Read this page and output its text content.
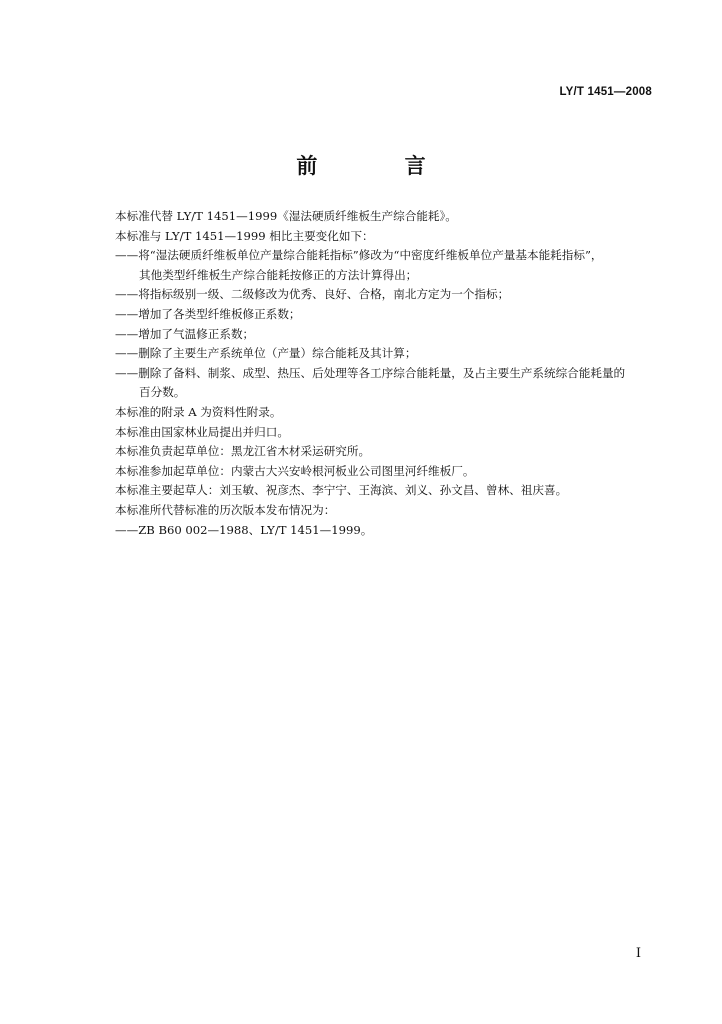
LY/T 1451—2008
前 言
本标准代替 LY/T 1451—1999《湿法硬质纤维板生产综合能耗》。
本标准与 LY/T 1451—1999 相比主要变化如下：
——将“湿法硬质纤维板单位产量综合能耗指标”修改为“中密度纤维板单位产量基本能耗指标”，
其他类型纤维板生产综合能耗按修正的方法计算得出；
——将指标级别一级、二级修改为优秀、良好、合格，南北方定为一个指标；
——增加了各类型纤维板修正系数；
——增加了气温修正系数；
——删除了主要生产系统单位（产量）综合能耗及其计算；
——删除了备料、制浆、成型、热压、后处理等各工序综合能耗量，及占主要生产系统综合能耗量的
百分数。
本标准的附录 A 为资料性附录。
本标准由国家林业局提出并归口。
本标准负责起草单位：黑龙江省木材采运研究所。
本标准参加起草单位：内蒙古大兴安岭根河板业公司图里河纤维板厂。
本标准主要起草人：刘玉敏、祝彦杰、李宁宁、王海滨、刘义、孙文昌、曾林、祖庆喜。
本标准所代替标准的历次版本发布情况为：
——ZB B60 002—1988、LY/T 1451—1999。
I
